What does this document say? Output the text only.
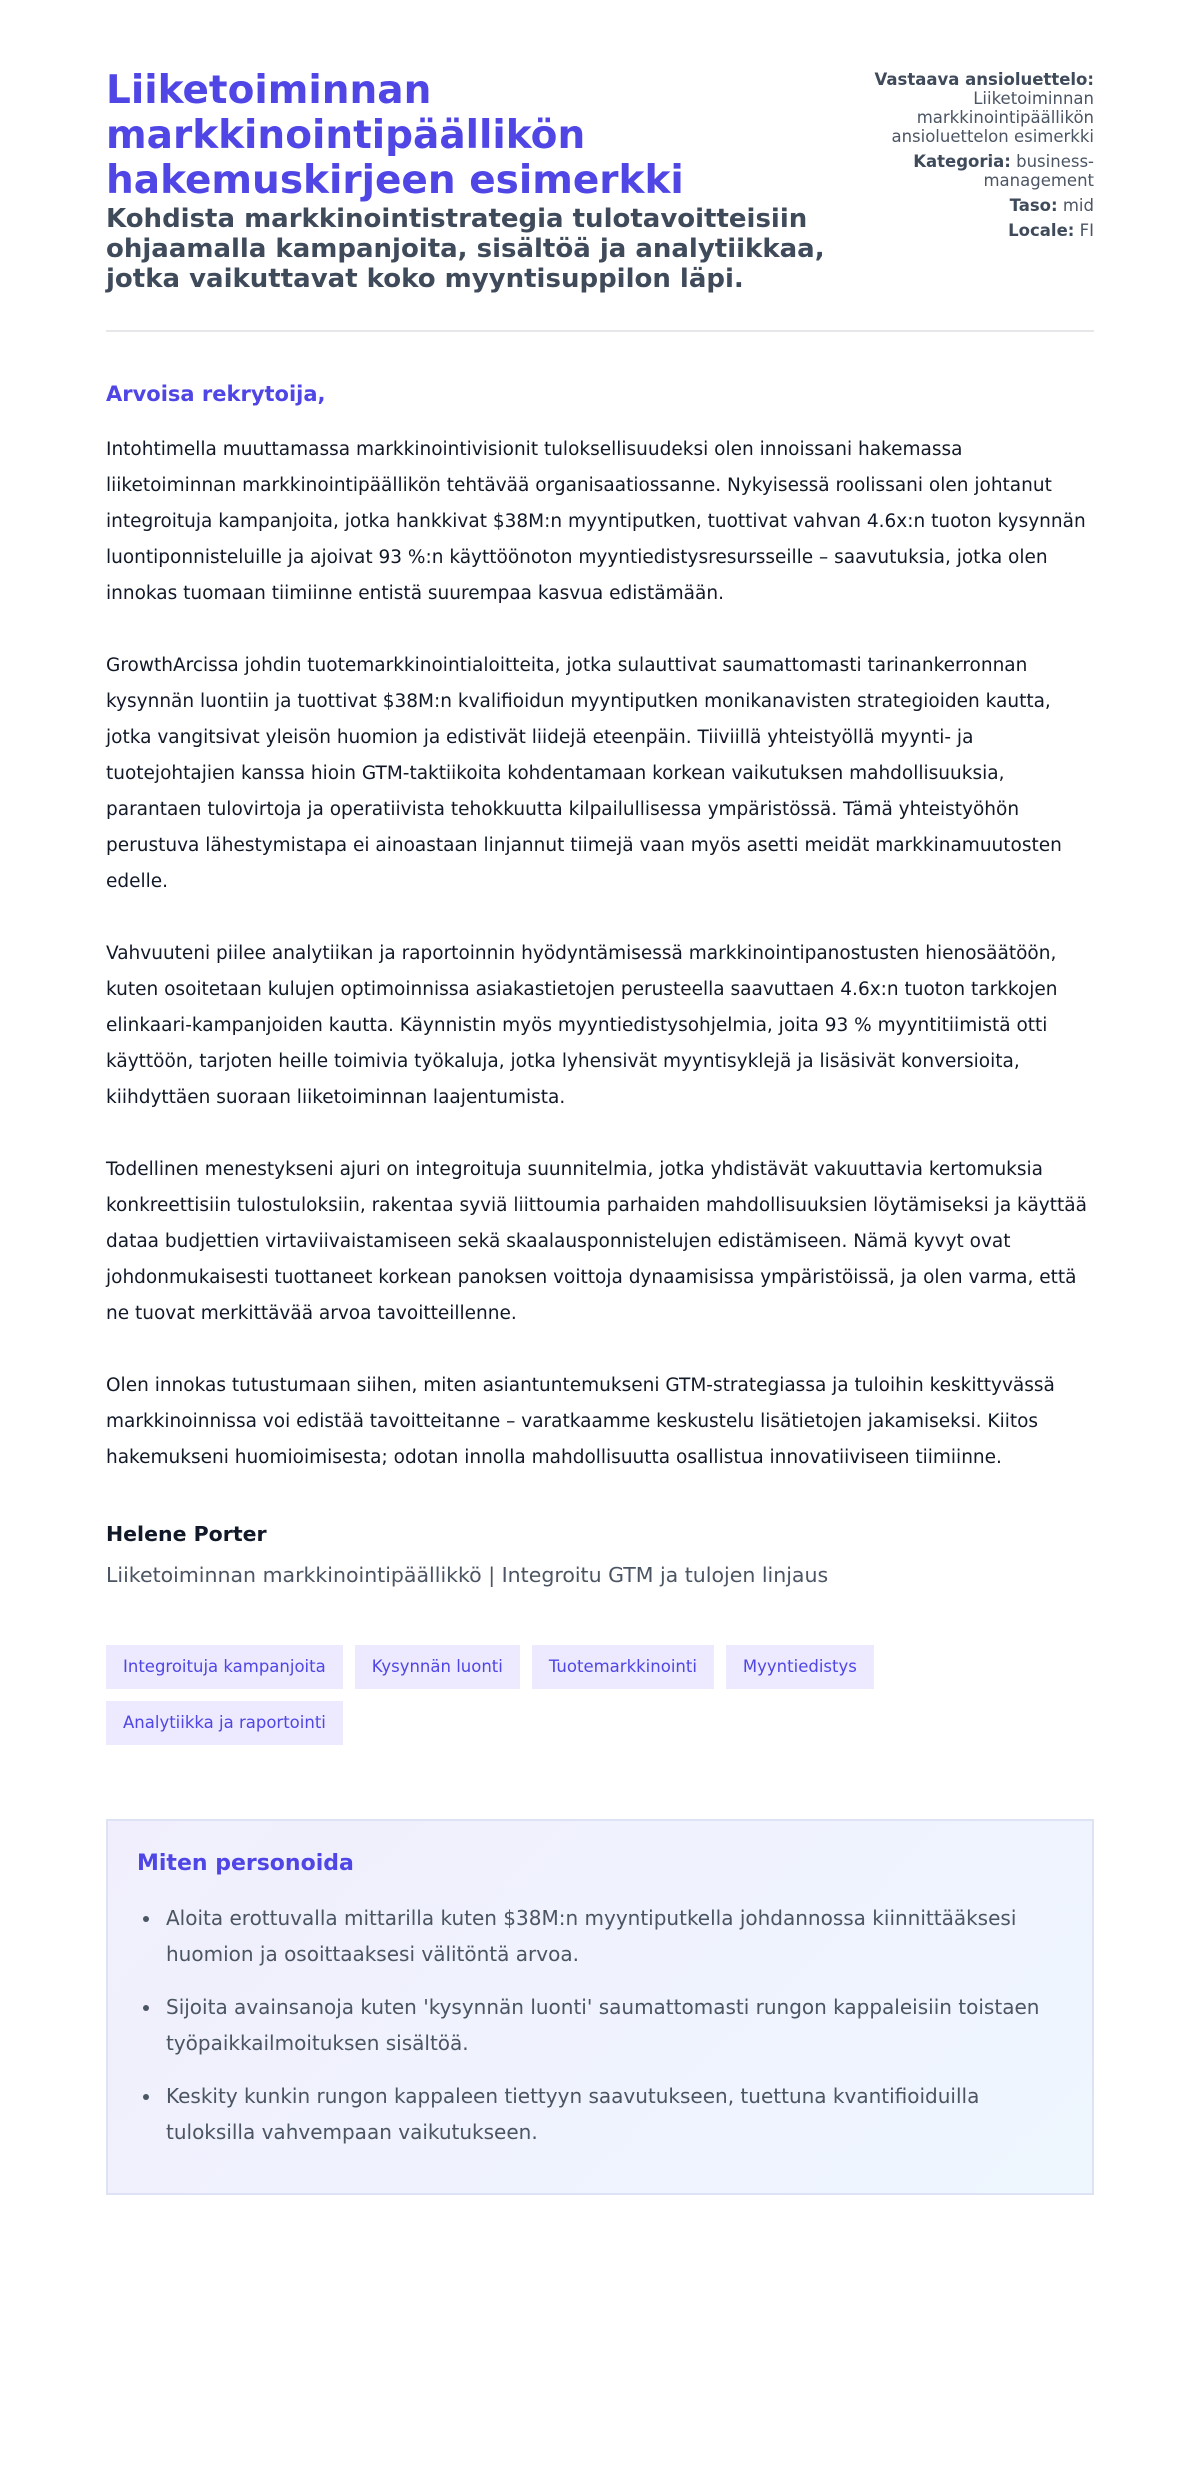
Liiketoiminnan markkinointipäällikön hakemuskirjeen esimerkki
Kohdista markkinointistrategia tulotavoitteisiin ohjaamalla kampanjoita, sisältöä ja analytiikkaa, jotka vaikuttavat koko myyntisuppilon läpi.
Vastaava ansioluettelo:
Liiketoiminnan markkinointipäällikön ansioluettelon esimerkki
Kategoria: business-management
Taso: mid
Locale: FI
Arvoisa rekrytoija,

Intohtimella muuttamassa markkinointivisionit tuloksellisuudeksi olen innoissani hakemassa liiketoiminnan markkinointipäällikön tehtävää organisaatiossanne. Nykyisessä roolissani olen johtanut integroituja kampanjoita, jotka hankkivat $38M:n myyntiputken, tuottivat vahvan 4.6x:n tuoton kysynnän luontiponnisteluille ja ajoivat 93 %:n käyttöönoton myyntiedistysresursseille – saavutuksia, jotka olen innokas tuomaan tiimiinne entistä suurempaa kasvua edistämään.

GrowthArcissa johdin tuotemarkkinointialoitteita, jotka sulauttivat saumattomasti tarinankerronnan kysynnän luontiin ja tuottivat $38M:n kvalifioidun myyntiputken monikanavisten strategioiden kautta, jotka vangitsivat yleisön huomion ja edistivät liidejä eteenpäin. Tiiviillä yhteistyöllä myynti- ja tuotejohtajien kanssa hioin GTM-taktiikoita kohdentamaan korkean vaikutuksen mahdollisuuksia, parantaen tulovirtoja ja operatiivista tehokkuutta kilpailullisessa ympäristössä. Tämä yhteistyöhön perustuva lähestymistapa ei ainoastaan linjannut tiimejä vaan myös asetti meidät markkinamuutosten edelle.

Vahvuuteni piilee analytiikan ja raportoinnin hyödyntämisessä markkinointipanostusten hienosäätöön, kuten osoitetaan kulujen optimoinnissa asiakastietojen perusteella saavuttaen 4.6x:n tuoton tarkkojen elinkaari-kampanjoiden kautta. Käynnistin myös myyntiedistysohjelmia, joita 93 % myyntitiimistä otti käyttöön, tarjoten heille toimivia työkaluja, jotka lyhensivät myyntisyklejä ja lisäsivät konversioita, kiihdyttäen suoraan liiketoiminnan laajentumista.

Todellinen menestykseni ajuri on integroituja suunnitelmia, jotka yhdistävät vakuuttavia kertomuksia konkreettisiin tulostuloksiin, rakentaa syviä liittoumia parhaiden mahdollisuuksien löytämiseksi ja käyttää dataa budjettien virtaviivaistamiseen sekä skaalausponnistelujen edistämiseen. Nämä kyvyt ovat johdonmukaisesti tuottaneet korkean panoksen voittoja dynaamisissa ympäristöissä, ja olen varma, että ne tuovat merkittävää arvoa tavoitteillenne.

Olen innokas tutustumaan siihen, miten asiantuntemukseni GTM-strategiassa ja tuloihin keskittyvässä markkinoinnissa voi edistää tavoitteitanne – varatkaamme keskustelu lisätietojen jakamiseksi. Kiitos hakemukseni huomioimisesta; odotan innolla mahdollisuutta osallistua innovatiiviseen tiimiinne.

Helene Porter
Liiketoiminnan markkinointipäällikkö | Integroitu GTM ja tulojen linjaus
Integroituja kampanjoita	Kysynnän luonti	Tuotemarkkinointi	Myyntiedistys
Analytiikka ja raportointi
Miten personoida
• Aloita erottuvalla mittarilla kuten $38M:n myyntiputkella johdannossa kiinnittääksesi huomion ja osoittaaksesi välitöntä arvoa.
• Sijoita avainsanoja kuten 'kysynnän luonti' saumattomasti rungon kappaleisiin toistaen työpaikkailmoituksen sisältöä.
• Keskity kunkin rungon kappaleen tiettyyn saavutukseen, tuettuna kvantifioiduilla tuloksilla vahvempaan vaikutukseen.
